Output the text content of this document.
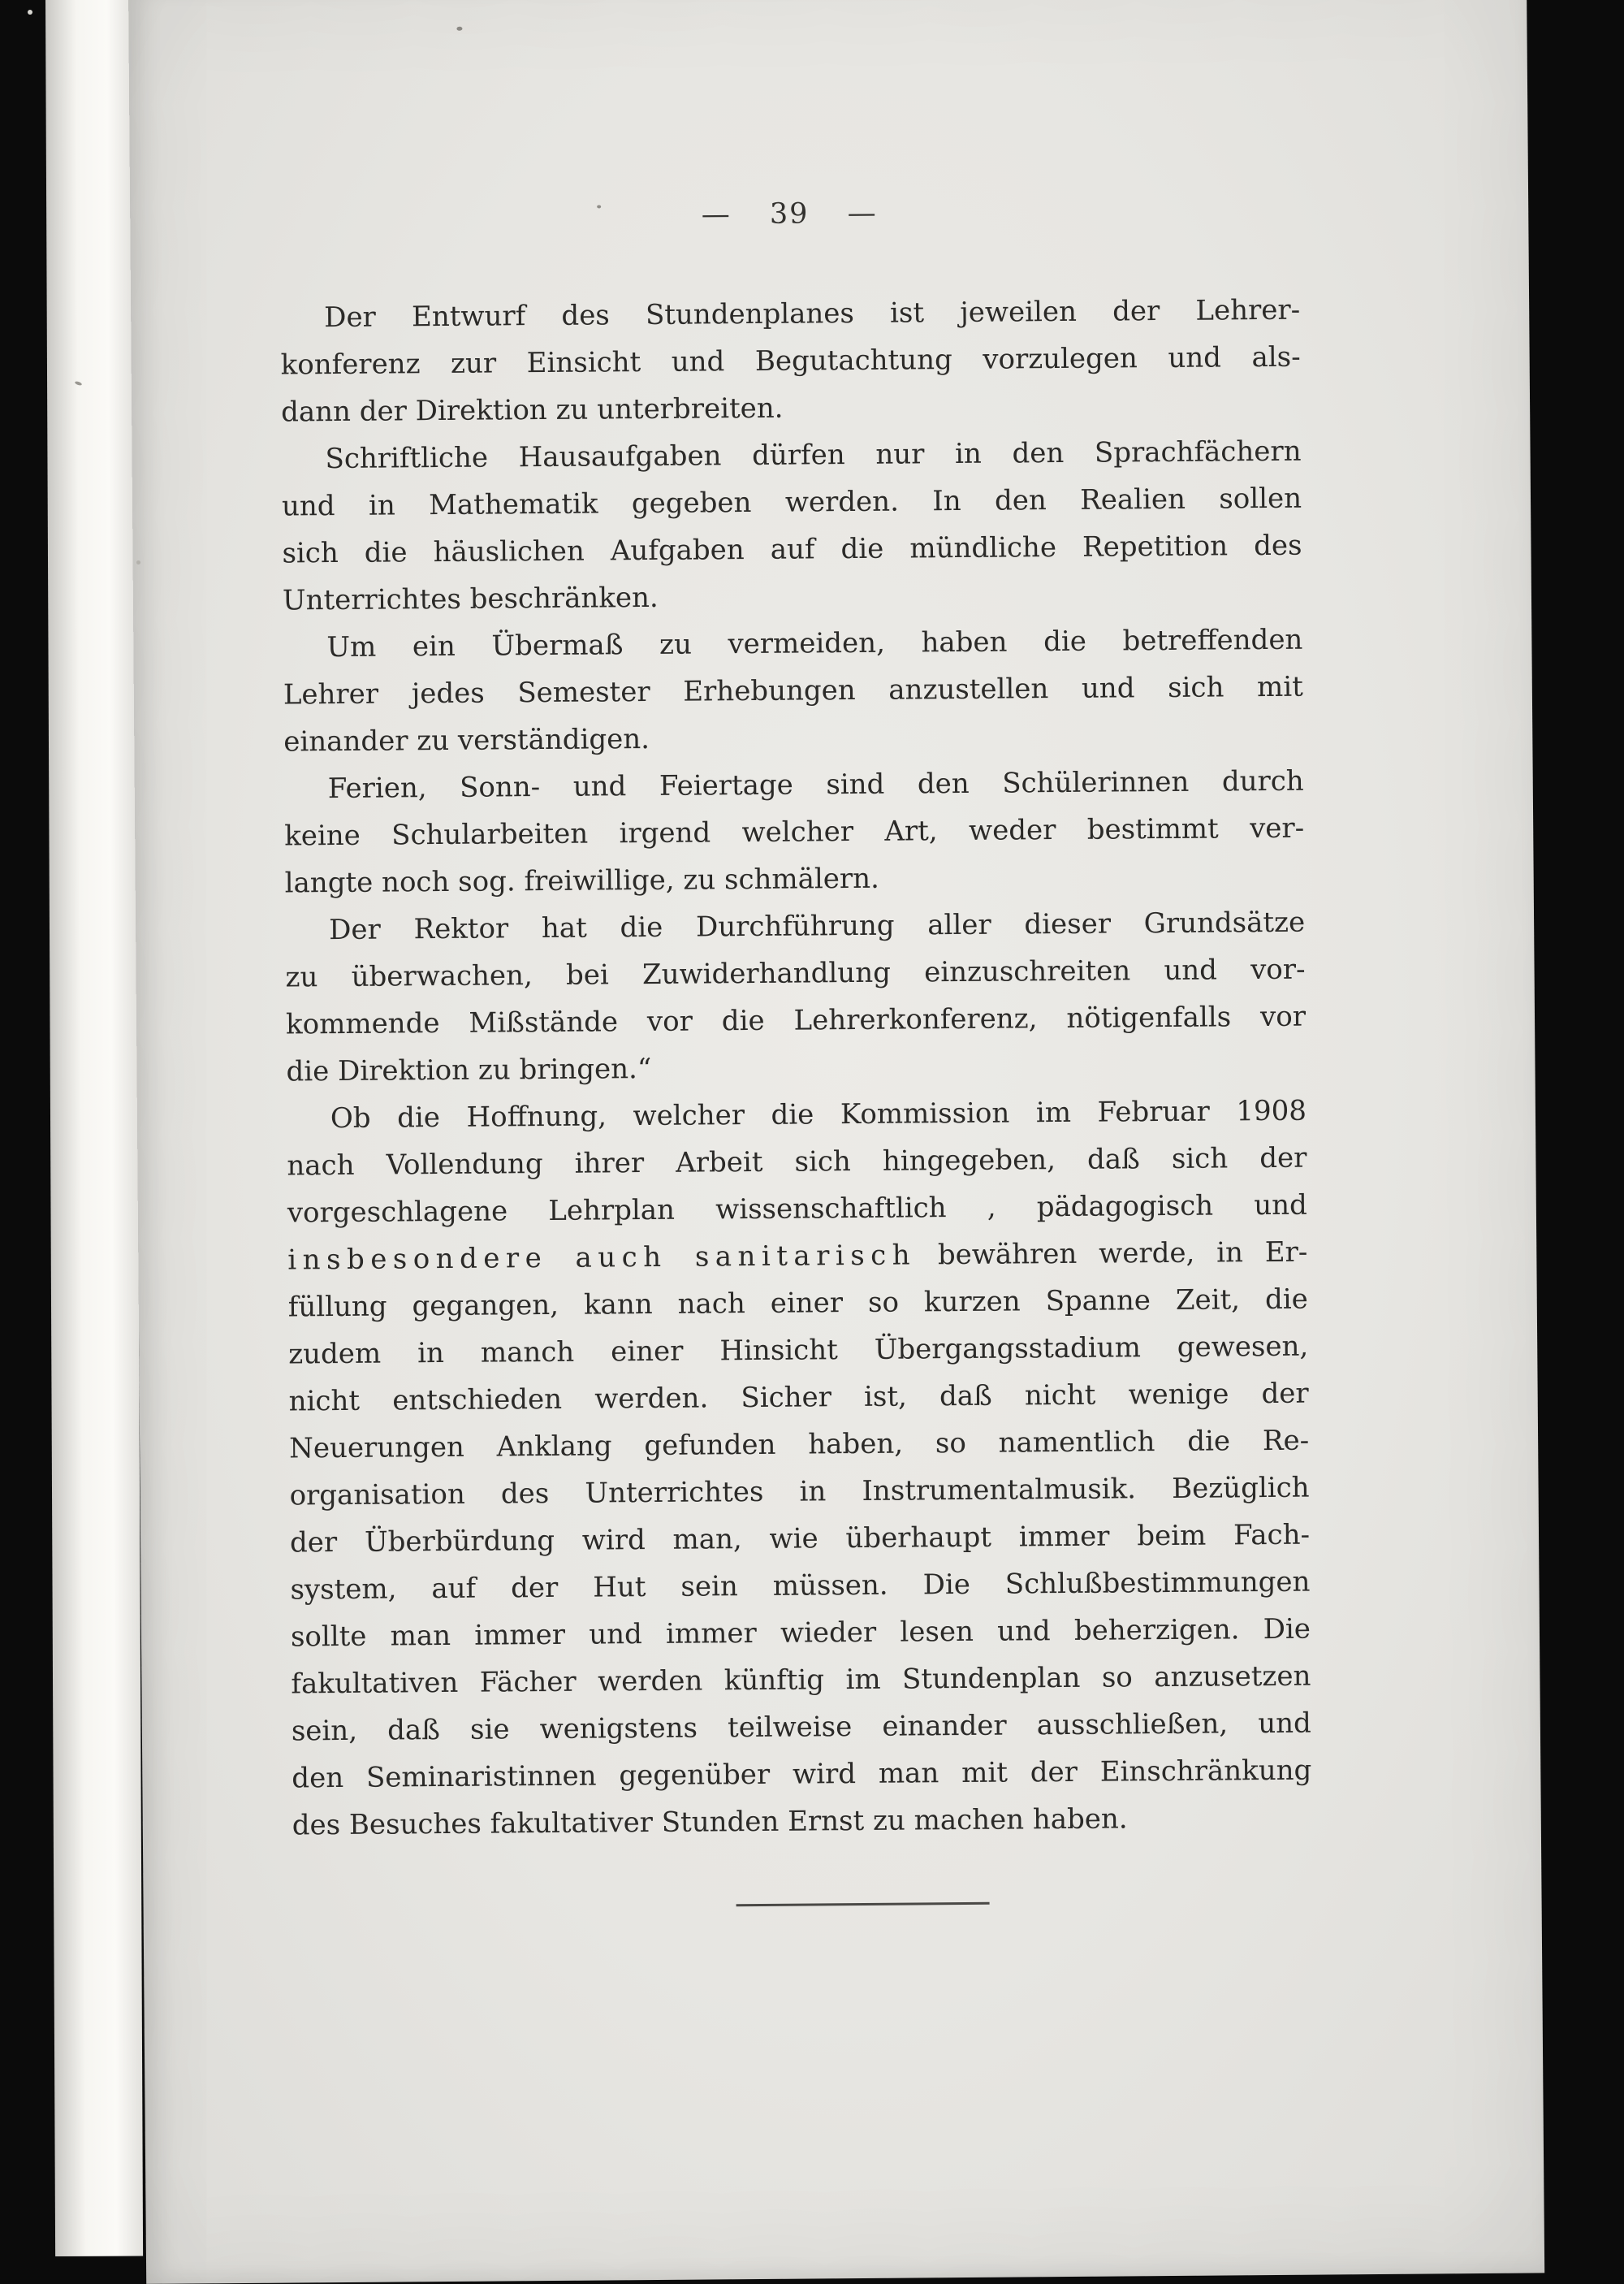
— 39 —
Der Entwurf des Stundenplanes ist jeweilen der Lehrer-
konferenz zur Einsicht und Begutachtung vorzulegen und als-
dann der Direktion zu unterbreiten.
Schriftliche Hausaufgaben dürfen nur in den Sprachfächern
und in Mathematik gegeben werden. In den Realien sollen
sich die häuslichen Aufgaben auf die mündliche Repetition des
Unterrichtes beschränken.
Um ein Übermaß zu vermeiden, haben die betreffenden
Lehrer jedes Semester Erhebungen anzustellen und sich mit
einander zu verständigen.
Ferien, Sonn- und Feiertage sind den Schülerinnen durch
keine Schularbeiten irgend welcher Art, weder bestimmt ver-
langte noch sog. freiwillige, zu schmälern.
Der Rektor hat die Durchführung aller dieser Grundsätze
zu überwachen, bei Zuwiderhandlung einzuschreiten und vor-
kommende Mißstände vor die Lehrerkonferenz, nötigenfalls vor
die Direktion zu bringen.“
Ob die Hoffnung, welcher die Kommission im Februar 1908
nach Vollendung ihrer Arbeit sich hingegeben, daß sich der
vorgeschlagene Lehrplan wissenschaftlich , pädagogisch und
insbesondere auch sanitarisch bewähren werde, in Er-
füllung gegangen, kann nach einer so kurzen Spanne Zeit, die
zudem in manch einer Hinsicht Übergangsstadium gewesen,
nicht entschieden werden. Sicher ist, daß nicht wenige der
Neuerungen Anklang gefunden haben, so namentlich die Re-
organisation des Unterrichtes in Instrumentalmusik. Bezüglich
der Überbürdung wird man, wie überhaupt immer beim Fach-
system, auf der Hut sein müssen. Die Schlußbestimmungen
sollte man immer und immer wieder lesen und beherzigen. Die
fakultativen Fächer werden künftig im Stundenplan so anzusetzen
sein, daß sie wenigstens teilweise einander ausschließen, und
den Seminaristinnen gegenüber wird man mit der Einschränkung
des Besuches fakultativer Stunden Ernst zu machen haben.
